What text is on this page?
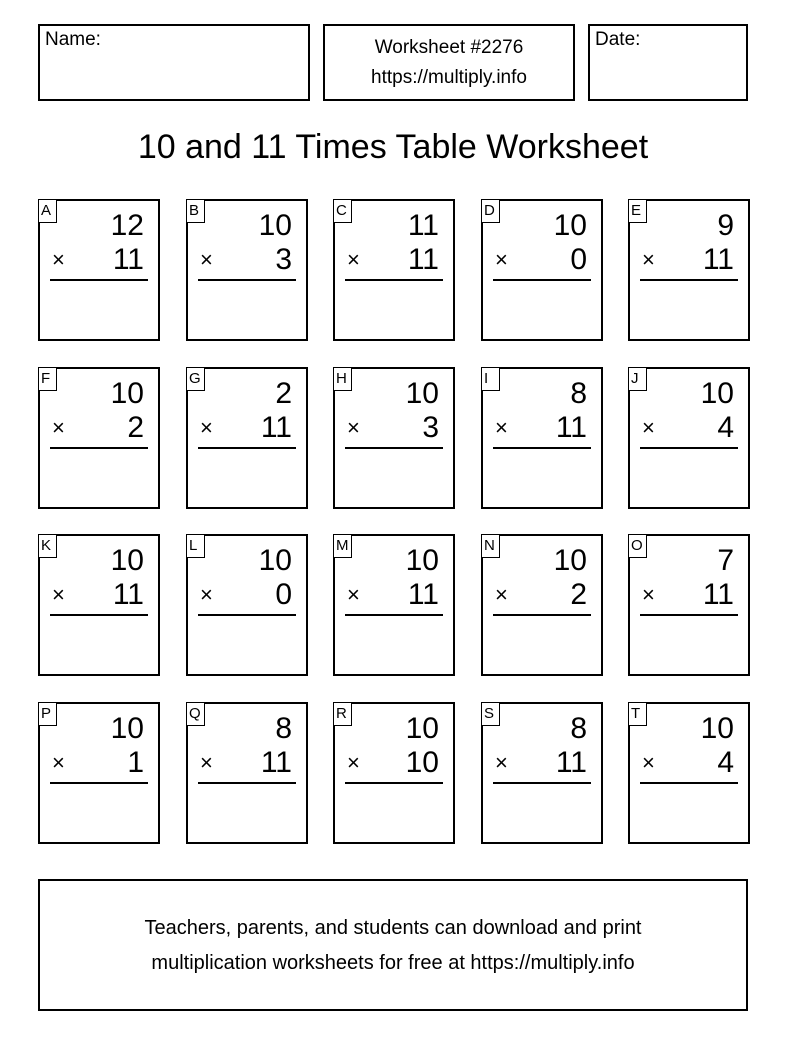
Name:	Worksheet #2276
https://multiply.info
Date:
10 and 11 Times Table Worksheet
A 12
× 11
B 10
× 3
C 11
× 11
D 10
× 0
E	9
× 11
F 10
× 2
G 2
× 11
H 10
× 3
I	8
× 11
J 10
× 4
K 10
× 11
L 10
× 0
M 10
× 11
N 10
× 2
O 7
× 11
P 10
× 1
Q 8
× 11
R 10
× 10
S	8
× 11
T 10
× 4
Teachers, parents, and students can download and print
multiplication worksheets for free at https://multiply.info
